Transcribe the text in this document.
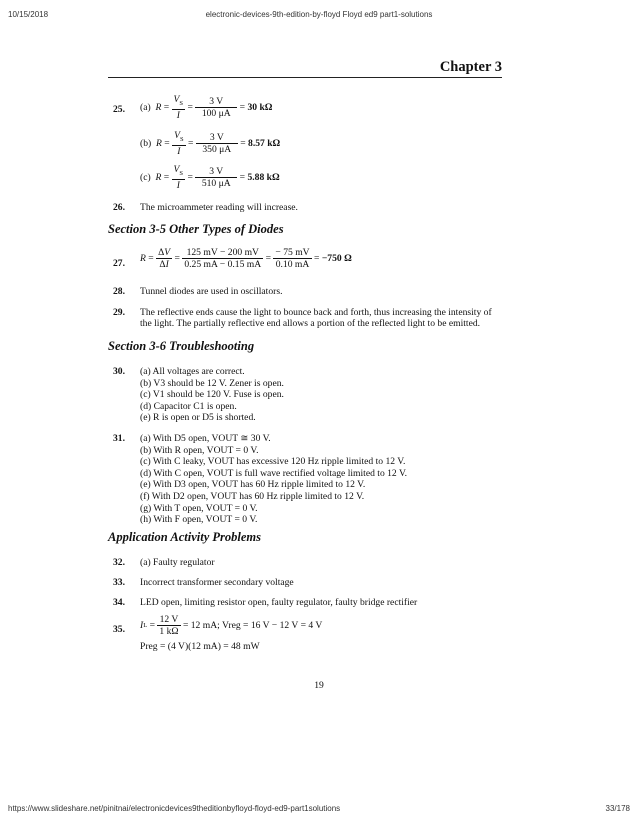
10/15/2018	electronic-devices-9th-edition-by-floyd Floyd ed9 part1-solutions
https://www.slideshare.net/pinitnai/electronicdevices9theditionbyfloyd-floyd-ed9-part1solutions	33/178
Chapter 3
25. (a) $R = \frac{V_S}{I} = \frac{3 V}{100 \mu A} = 30$ kΩ
(b) $R = \frac{V_S}{I} = \frac{3 V}{350 \mu A} = 8.57$ kΩ
(c) $R = \frac{V_S}{I} = \frac{3 V}{510 \mu A} = 5.88$ kΩ
26. The microammeter reading will increase.
Section 3-5 Other Types of Diodes
27. $R = \frac{\Delta V}{\Delta I} = \frac{125 mV - 200 mV}{0.25 mA - 0.15 mA} = \frac{- 75 mV}{0.10 mA} = -750$ Ω
28. Tunnel diodes are used in oscillators.
29. The reflective ends cause the light to bounce back and forth, thus increasing the intensity of the light. The partially reflective end allows a portion of the reflected light to be emitted.
Section 3-6 Troubleshooting
30. (a) All voltages are correct.
(b) V3 should be 12 V. Zener is open.
(c) V1 should be 120 V. Fuse is open.
(d) Capacitor C1 is open.
(e) R is open or D5 is shorted.
31. (a) With D5 open, VOUT ≅ 30 V.
(b) With R open, VOUT = 0 V.
(c) With C leaky, VOUT has excessive 120 Hz ripple limited to 12 V.
(d) With C open, VOUT is full wave rectified voltage limited to 12 V.
(e) With D3 open, VOUT has 60 Hz ripple limited to 12 V.
(f) With D2 open, VOUT has 60 Hz ripple limited to 12 V.
(g) With T open, VOUT = 0 V.
(h) With F open, VOUT = 0 V.
Application Activity Problems
32. (a) Faulty regulator
33. Incorrect transformer secondary voltage
34. LED open, limiting resistor open, faulty regulator, faulty bridge rectifier
35. IL = $\frac{12 V}{1 k\Omega} = 12$ mA; Vreg = 16 V − 12 V = 4 V
Preg = (4 V)(12 mA) = 48 mW
19
